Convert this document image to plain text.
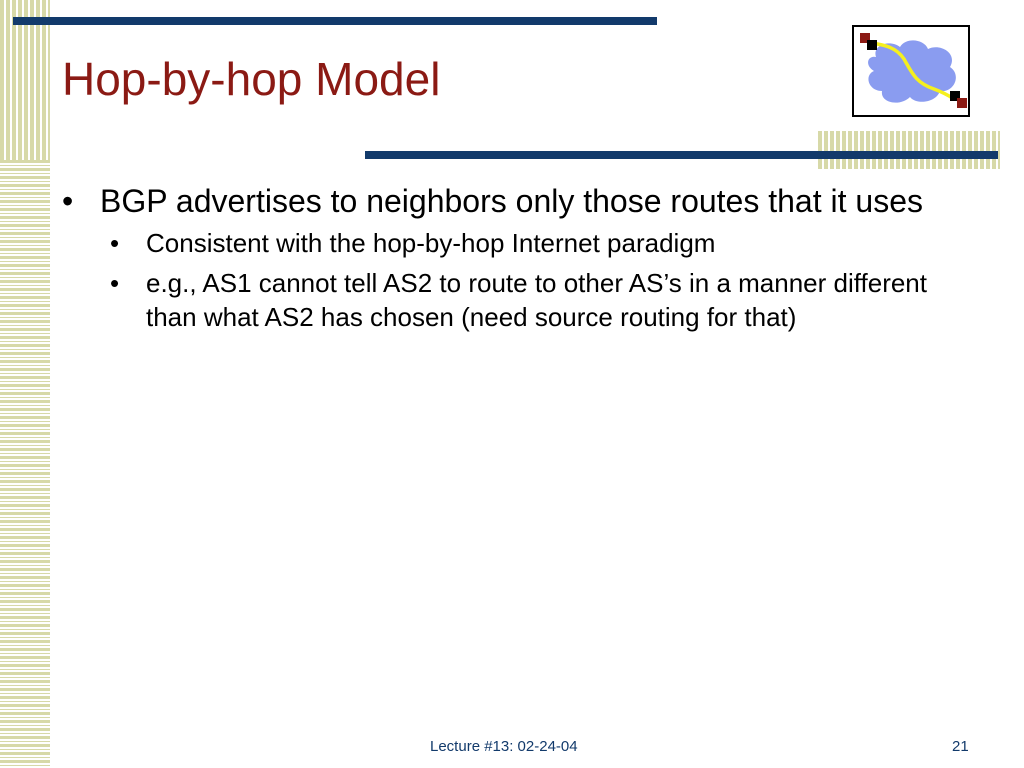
Hop-by-hop Model
• BGP advertises to neighbors only those routes that it uses
• Consistent with the hop-by-hop Internet paradigm
• e.g., AS1 cannot tell AS2 to route to other AS’s in a manner different than what AS2 has chosen (need source routing for that)
Lecture #13: 02-24-04	21
